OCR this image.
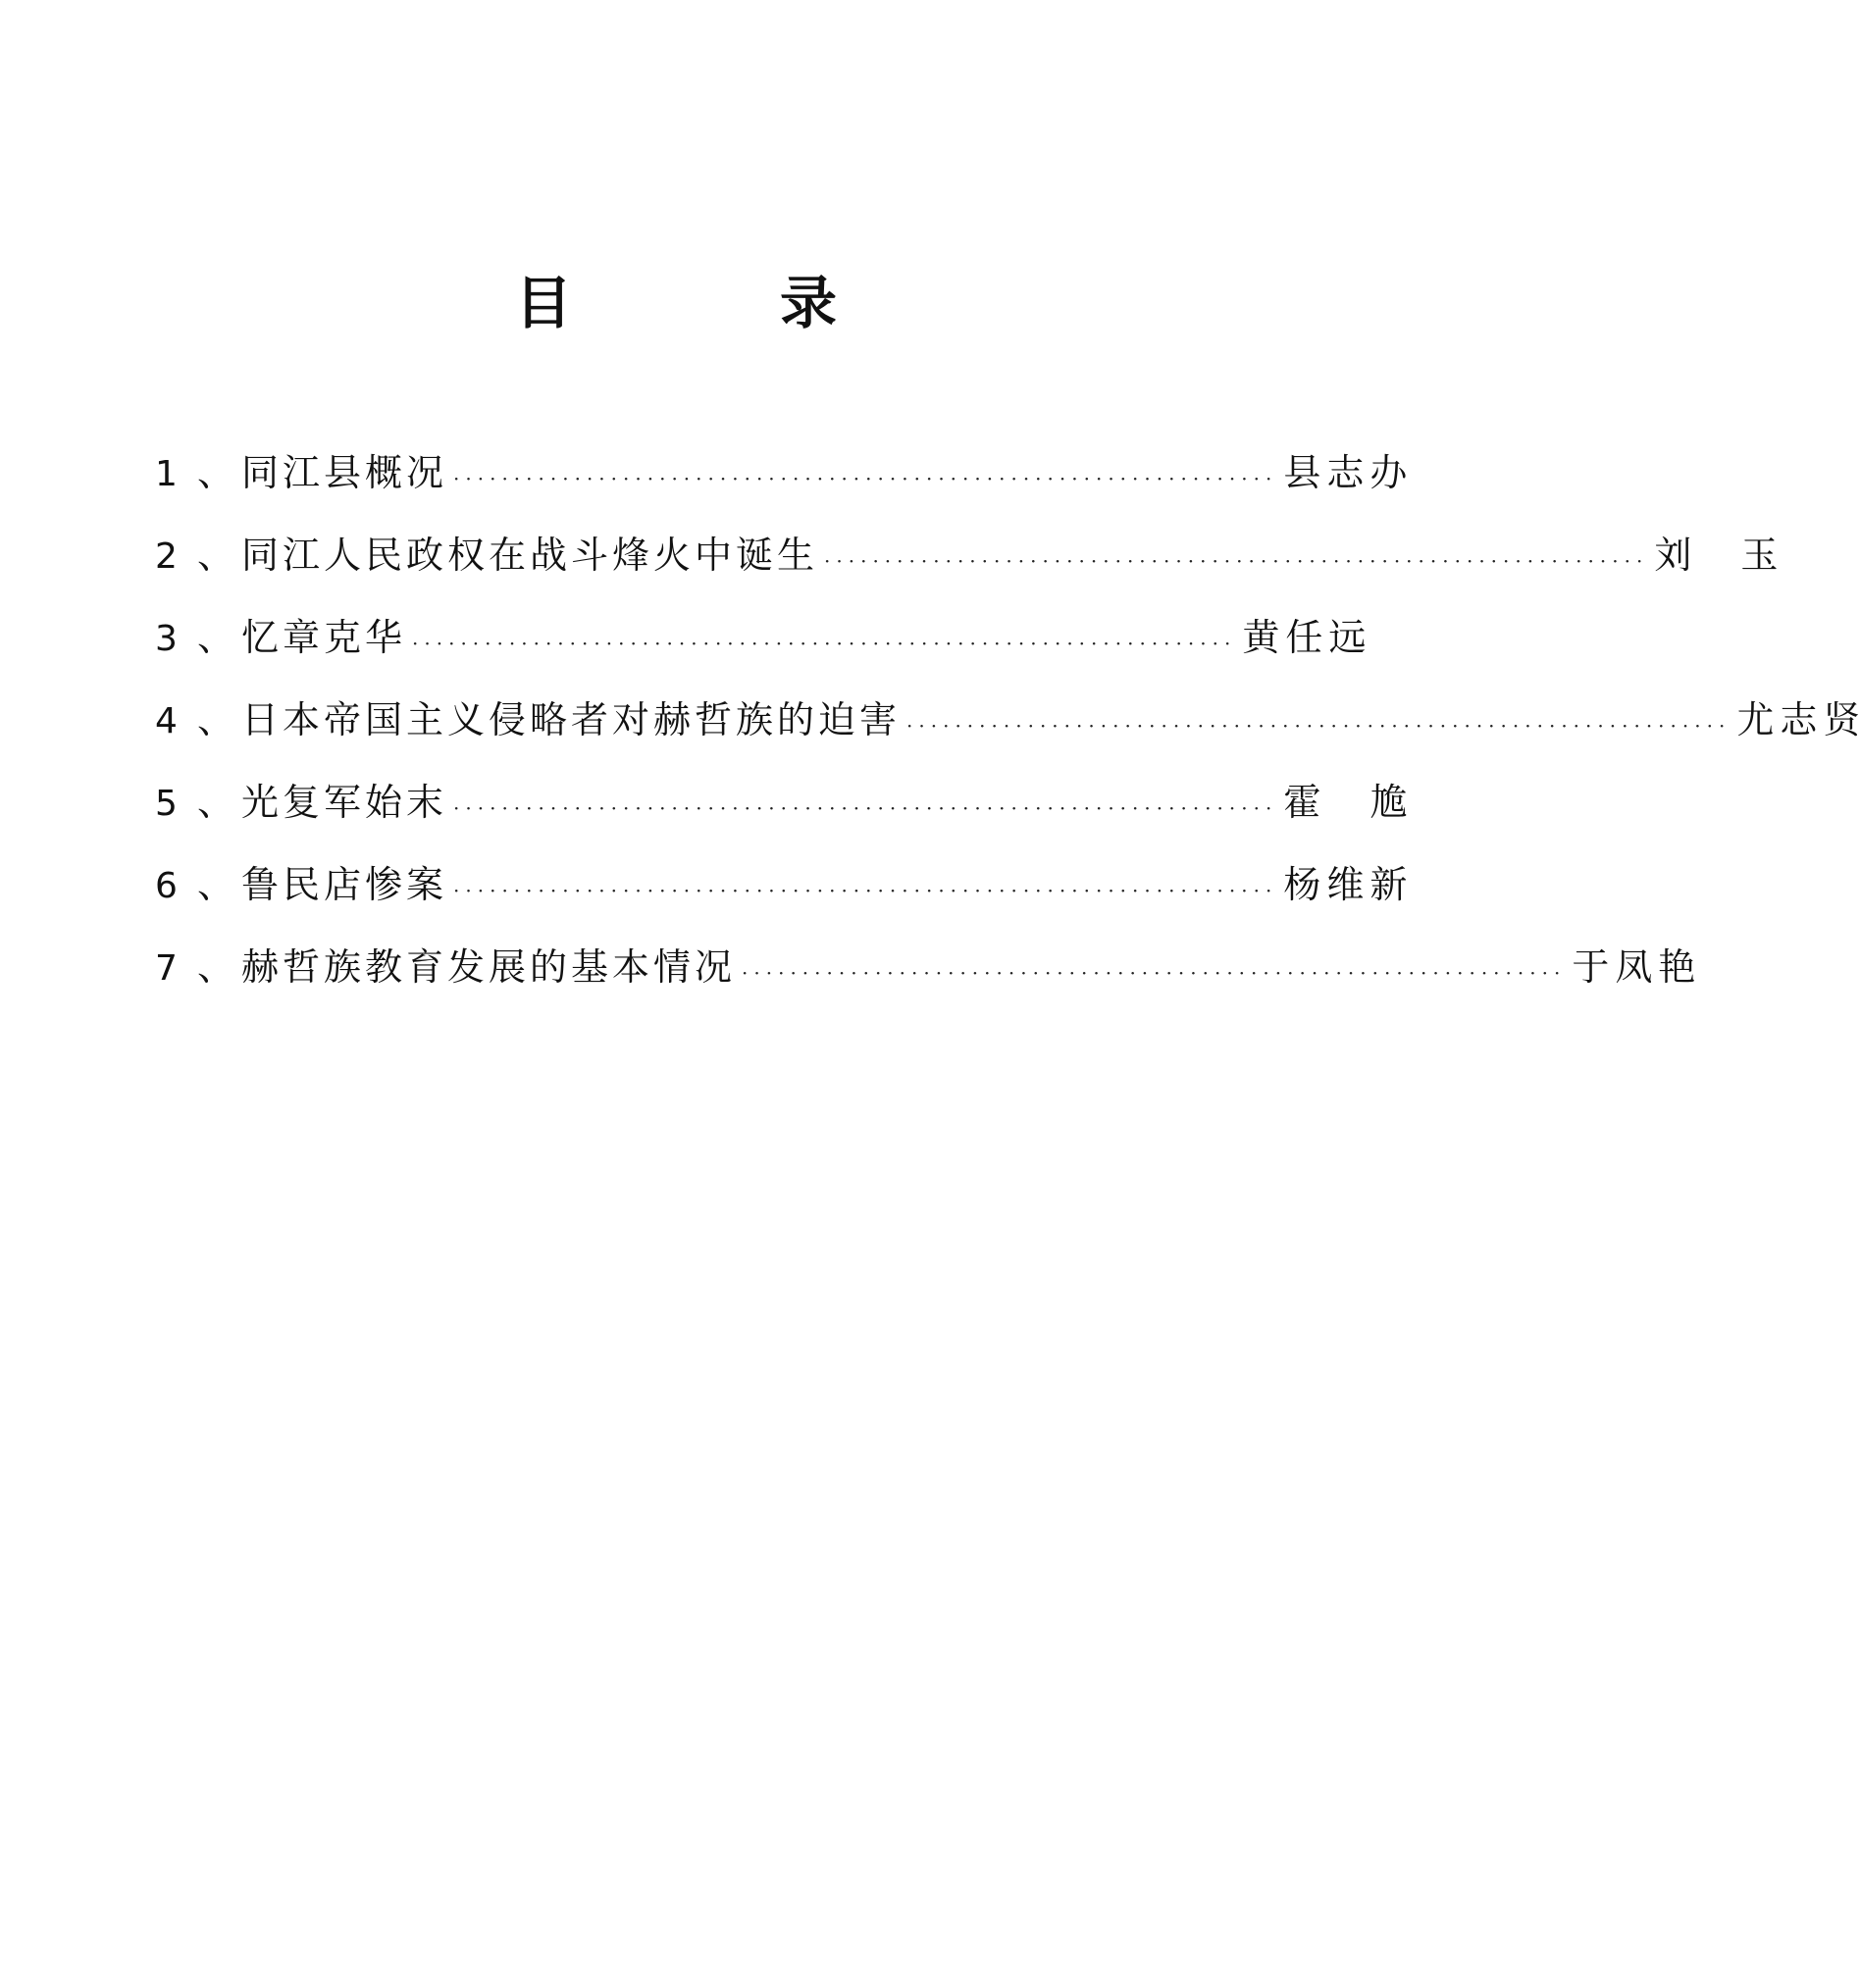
目	录
1 、 同江县概况 ···································································· 县志办
2 、 同江人民政权在战斗烽火中诞生 ···································································· 刘 玉
3 、 忆章克华 ···································································· 黄任远
4 、 日本帝国主义侵略者对赫哲族的迫害 ···································································· 尤志贤
5 、 光复军始末 ···································································· 霍 尯
6 、 鲁民店惨案 ···································································· 杨维新
7 、 赫哲族教育发展的基本情况 ···································································· 于凤艳
